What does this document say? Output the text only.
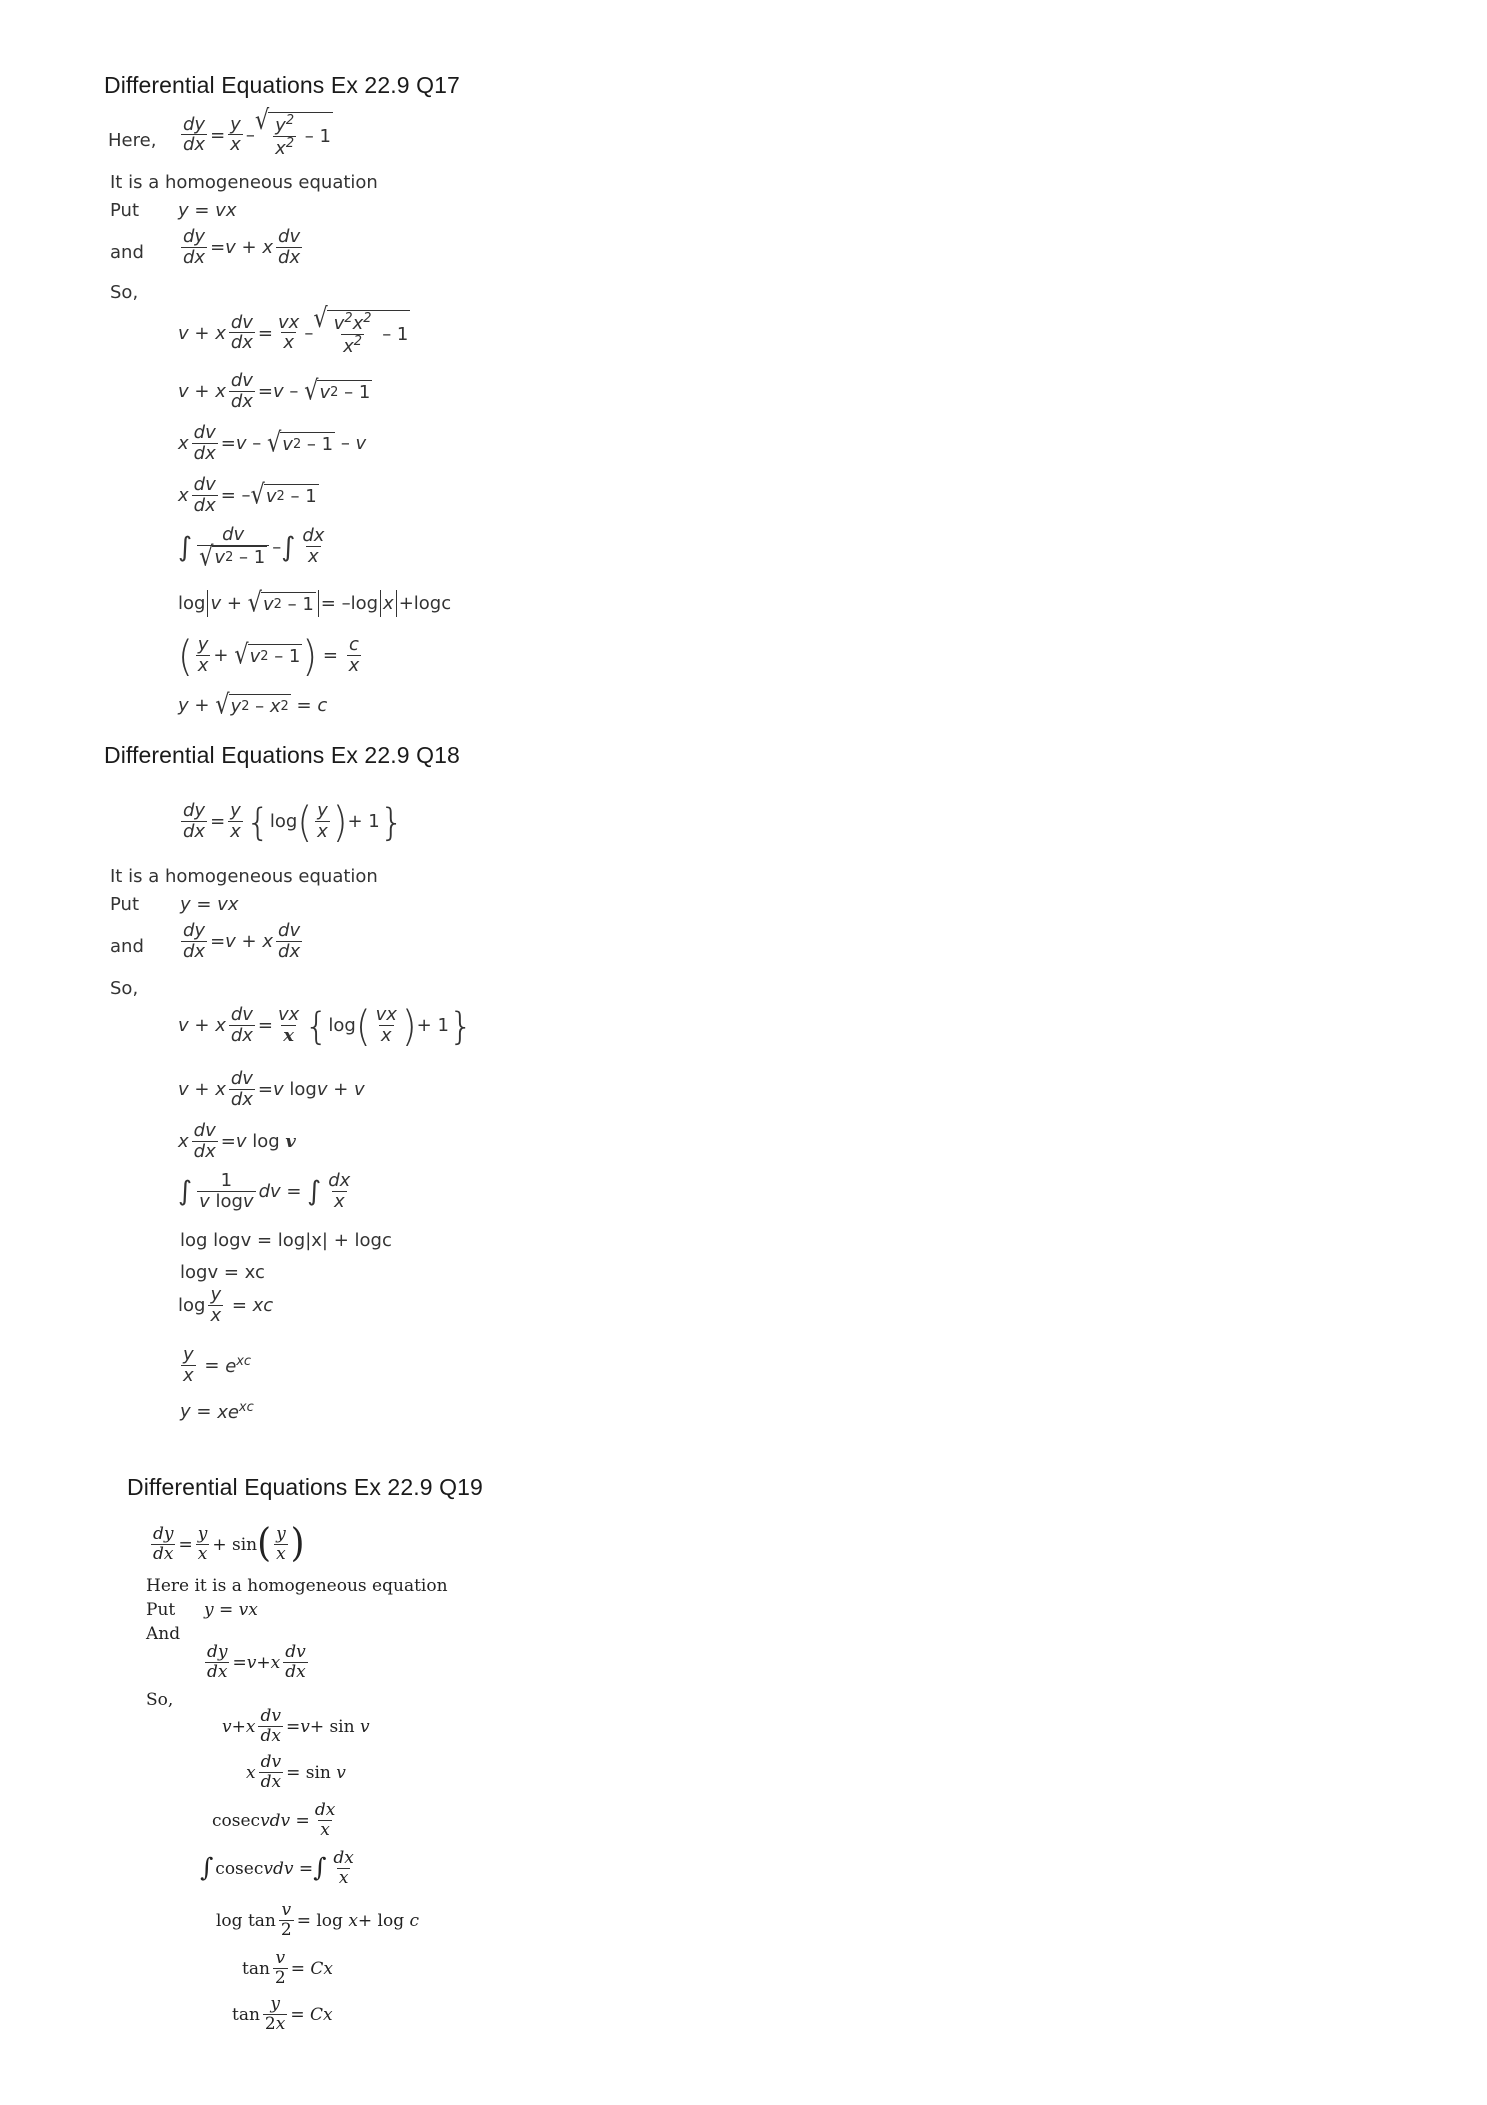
Differential Equations Ex 22.9 Q17
Here, $\frac{dy}{dx} = \frac{y}{x}$ – √ $\frac{y^2}{x^2} - 1$
It is a homogeneous equation
Put y = vx
and $\frac{dy}{dx} = v + x \frac{dv}{dx}$
So,
v + x $\frac{dv}{dx} = \frac{vx}{x}$ – √ $\frac{v^2x^2}{x^2} - 1$
v + x $\frac{dv}{dx} = v$ – √ v 2 – 1
x $\frac{dv}{dx} = v$ – √ v 2 – 1 – v
x $\frac{dv}{dx}$ = – √ v 2 – 1
∫ $\frac{dv}{√ v 2 - 1}$ – ∫ $\frac{dx}{x}$
log v + √ v 2 – 1 = –log x +logc
( $\frac{y}{x}$ + √ v 2 – 1 ) = $\frac{c}{x}$
y + √ y 2 – x 2 = c
Differential Equations Ex 22.9 Q18
$\frac{dy}{dx} = \frac{y}{x}$ { log ( $\frac{y}{x}$ ) + 1 }
It is a homogeneous equation
Put y = vx
and $\frac{dy}{dx} = v + x \frac{dv}{dx}$
So,
v + x $\frac{dv}{dx} = \frac{vx}{x}$ { log ( $\frac{vx}{x}$ ) + 1 }
v + x $\frac{dv}{dx} = v$ log v + v
x $\frac{dv}{dx} = v$ log v
∫ $\frac{1}{\text{v logv}}$ dv = ∫ $\frac{dx}{x}$
log logv = log|x| + logc
logv = xc
$\log \frac{y}{x}$ = xc
$\frac{y}{x} = e^{xc}$
$y = xe^{xc}$
Differential Equations Ex 22.9 Q19
$\frac{dy}{dx} = \frac{y}{x} + \sin$ ( $\frac{y}{x}$ )
Here it is a homogeneous equation
Put y = vx
And
$\frac{dy}{dx} = v + x \frac{dv}{dx}$
So,
v + x $\frac{dv}{dx} = v + \sin v$
x $\frac{dv}{dx} = \sin v$
cosec vdv = $\frac{dx}{x}$
∫ cosec vdv = ∫ $\frac{dx}{x}$
$\log \tan \frac{v}{2} = \log x + \log c$
$\tan \frac{v}{2} = Cx$
$\tan \frac{y}{2x} = Cx$
